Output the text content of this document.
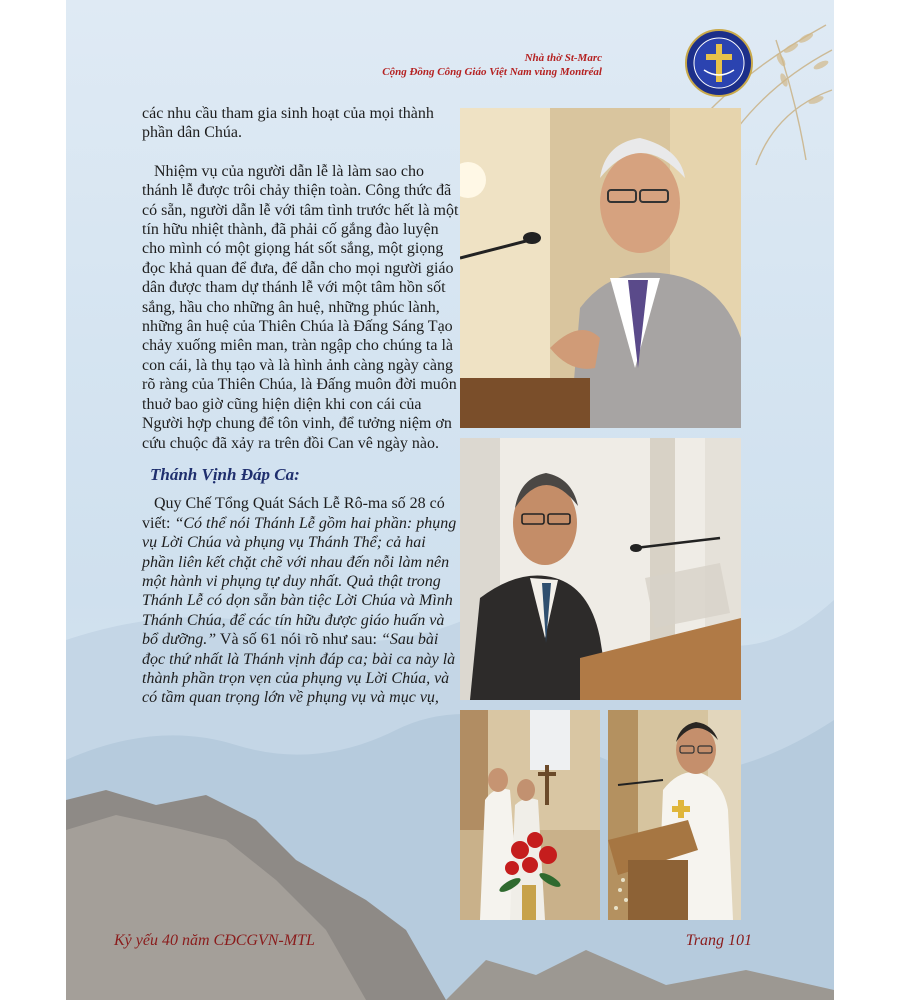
Nhà thờ St-Marc
Cộng Đồng Công Giáo Việt Nam vùng Montréal

các nhu cầu tham gia sinh hoạt của mọi thành phần dân Chúa.

Nhiệm vụ của người dẫn lễ là làm sao cho thánh lễ được trôi chảy thiện toàn. Công thức đã có sẵn, người dẫn lễ với tâm tình trước hết là một tín hữu nhiệt thành, đã phải cố gắng đào luyện cho mình có một giọng hát sốt sắng, một giọng đọc khả quan để đưa, để dẫn cho mọi người giáo dân được tham dự thánh lễ với một tâm hồn sốt sắng, hầu cho những ân huệ, những phúc lành, những ân huệ của Thiên Chúa là Đấng Sáng Tạo chảy xuống miên man, tràn ngập cho chúng ta là con cái, là thụ tạo và là hình ảnh càng ngày càng rõ ràng của Thiên Chúa, là Đấng muôn đời muôn thuở bao giờ cũng hiện diện khi con cái của Người hợp chung để tôn vinh, để tưởng niệm ơn cứu chuộc đã xảy ra trên đồi Can vê ngày nào.

Thánh Vịnh Đáp Ca:

Quy Chế Tổng Quát Sách Lễ Rô-ma số 28 có viết: “Có thể nói Thánh Lễ gồm hai phần: phụng vụ Lời Chúa và phụng vụ Thánh Thể; cả hai phần liên kết chặt chẽ với nhau đến nỗi làm nên một hành vi phụng tự duy nhất. Quả thật trong Thánh Lễ có dọn sẵn bàn tiệc Lời Chúa và Mình Thánh Chúa, để các tín hữu được giáo huấn và bổ dưỡng.” Và số 61 nói rõ như sau: “Sau bài đọc thứ nhất là Thánh vịnh đáp ca; bài ca này là thành phần trọn vẹn của phụng vụ Lời Chúa, và có tầm quan trọng lớn về phụng vụ và mục vụ,

Kỷ yếu 40 năm CĐCGVN-MTL	Trang 101
